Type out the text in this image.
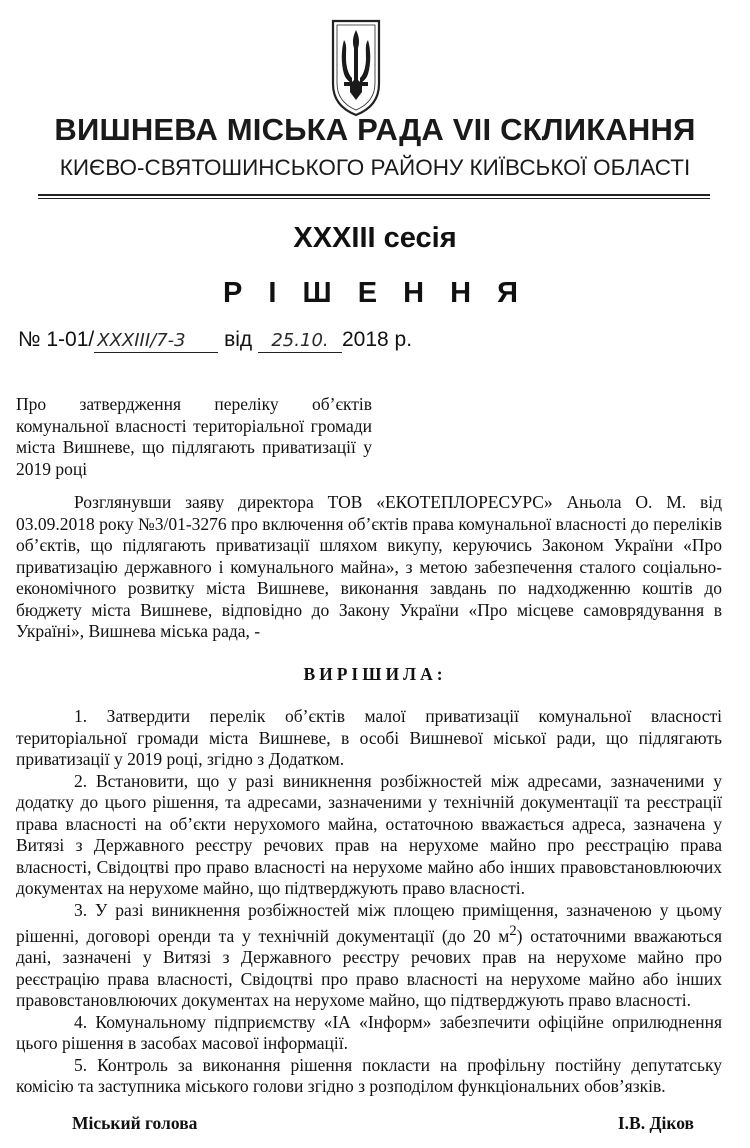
ВИШНЕВА МІСЬКА РАДА VII СКЛИКАННЯ
КИЄВО-СВЯТОШИНСЬКОГО РАЙОНУ КИЇВСЬКОЇ ОБЛАСТІ
XXXIII сесія
Р І Ш Е Н Н Я
№ 1-01/ XXXIII/7-3 від 25.10. 2018 р.
Про затвердження переліку об’єктів комунальної власності територіальної громади міста Вишневе, що підлягають приватизації у 2019 році
Розглянувши заяву директора ТОВ «ЕКОТЕПЛОРЕСУРС» Аньола О. М. від 03.09.2018 року №3/01-3276 про включення об’єктів права комунальної власності до переліків об’єктів, що підлягають приватизації шляхом викупу, керуючись Законом України «Про приватизацію державного і комунального майна», з метою забезпечення сталого соціально-економічного розвитку міста Вишневе, виконання завдань по надходженню коштів до бюджету міста Вишневе, відповідно до Закону України «Про місцеве самоврядування в Україні», Вишнева міська рада, -
ВИРІШИЛА:

1. Затвердити перелік об’єктів малої приватизації комунальної власності територіальної громади міста Вишневе, в особі Вишневої міської ради, що підлягають приватизації у 2019 році, згідно з Додатком.

2. Встановити, що у разі виникнення розбіжностей між адресами, зазначеними у додатку до цього рішення, та адресами, зазначеними у технічній документації та реєстрації права власності на об’єкти нерухомого майна, остаточною вважається адреса, зазначена у Витязі з Державного реєстру речових прав на нерухоме майно про реєстрацію права власності, Свідоцтві про право власності на нерухоме майно або інших правовстановлюючих документах на нерухоме майно, що підтверджують право власності.

3. У разі виникнення розбіжностей між площею приміщення, зазначеною у цьому рішенні, договорі оренди та у технічній документації (до 20 $м^2$) остаточними вважаються дані, зазначені у Витязі з Державного реєстру речових прав на нерухоме майно про реєстрацію права власності, Свідоцтві про право власності на нерухоме майно або інших правовстановлюючих документах на нерухоме майно, що підтверджують право власності.

4. Комунальному підприємству «ІА «Інформ» забезпечити офіційне оприлюднення цього рішення в засобах масової інформації.

5. Контроль за виконання рішення покласти на профільну постійну депутатську комісію та заступника міського голови згідно з розподілом функціональних обов’язків.

Міський голова	І.В. Діков
